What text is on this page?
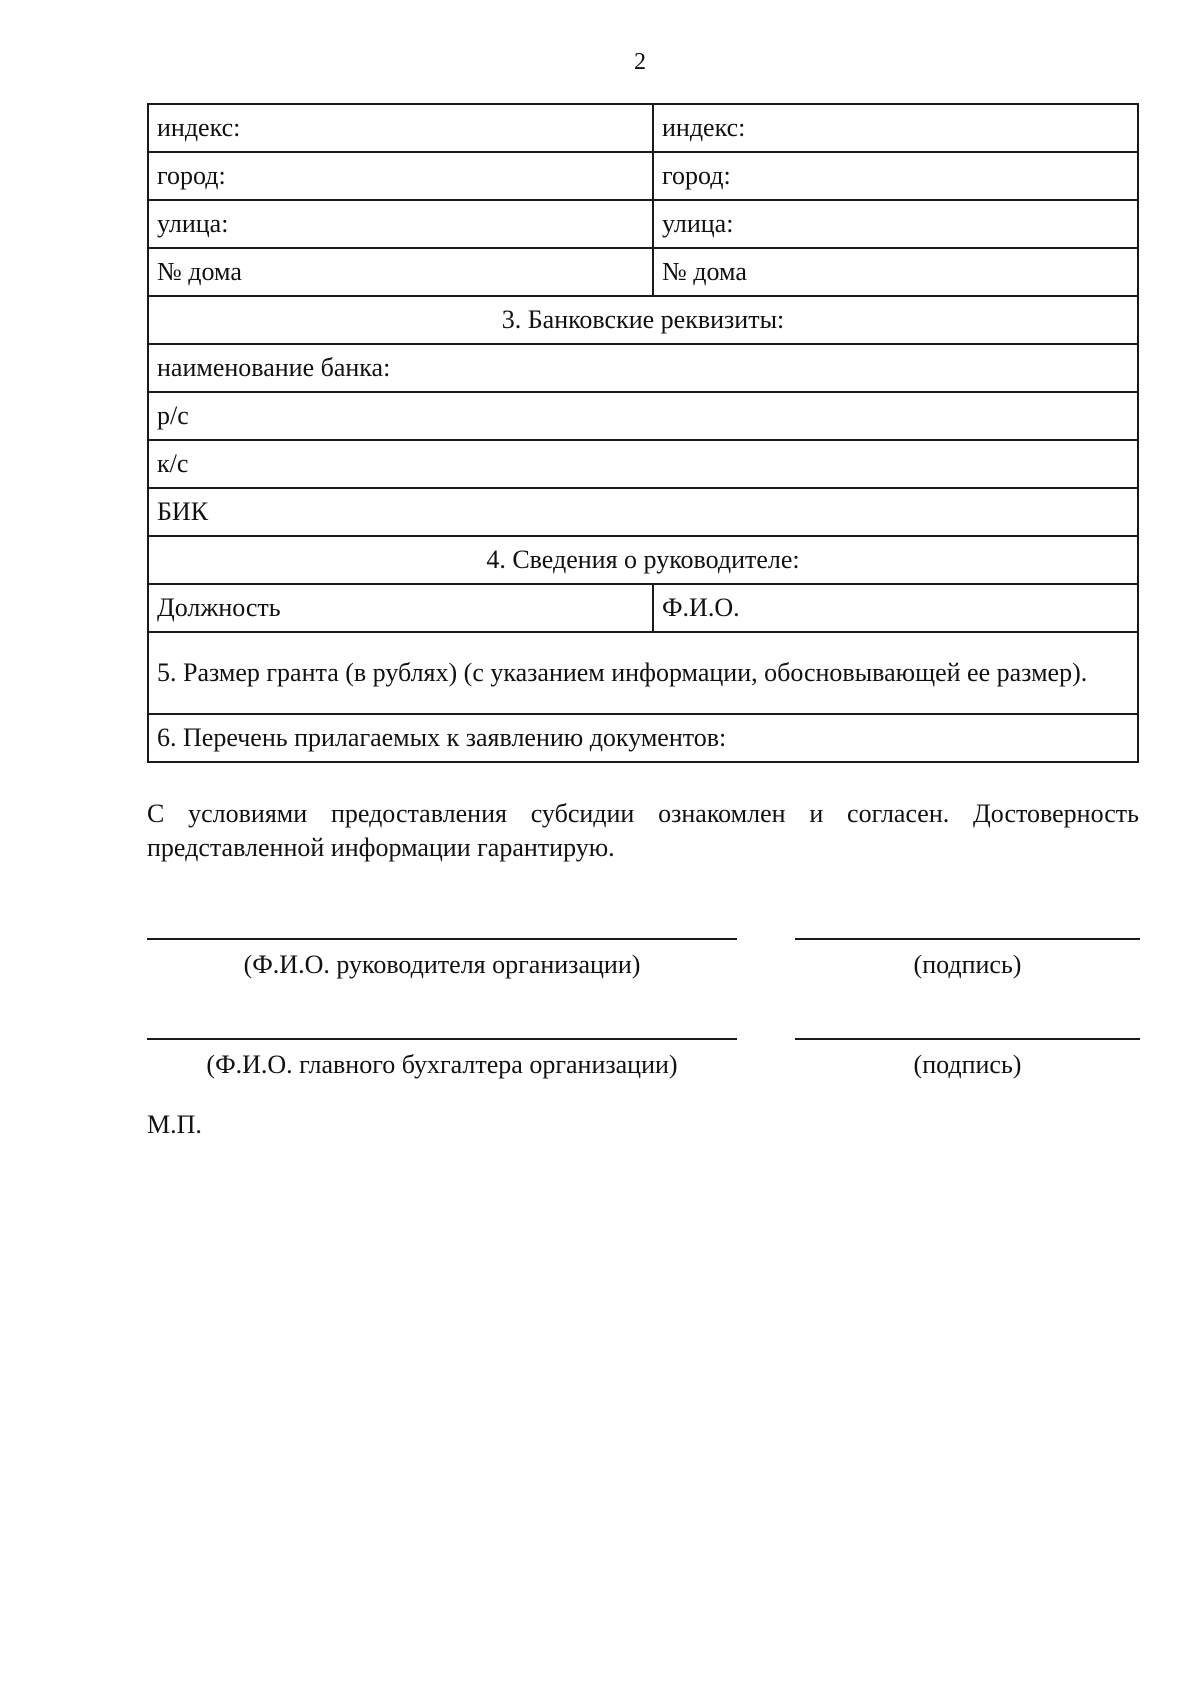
2
индекс:	индекс:
город:	город:
улица:	улица:
№ дома	№ дома
3. Банковские реквизиты:	
наименование банка:	
р/с	
к/с	
БИК	
4. Сведения о руководителе:	
Должность	Ф.И.О.
5. Размер гранта (в рублях) (с указанием информации, обосновывающей ее размер).	
6. Перечень прилагаемых к заявлению документов:	
С условиями предоставления субсидии ознакомлен и согласен. Достоверность представленной информации гарантирую.
(Ф.И.О. руководителя организации)	(подпись)
(Ф.И.О. главного бухгалтера организации)	(подпись)
М.П.
